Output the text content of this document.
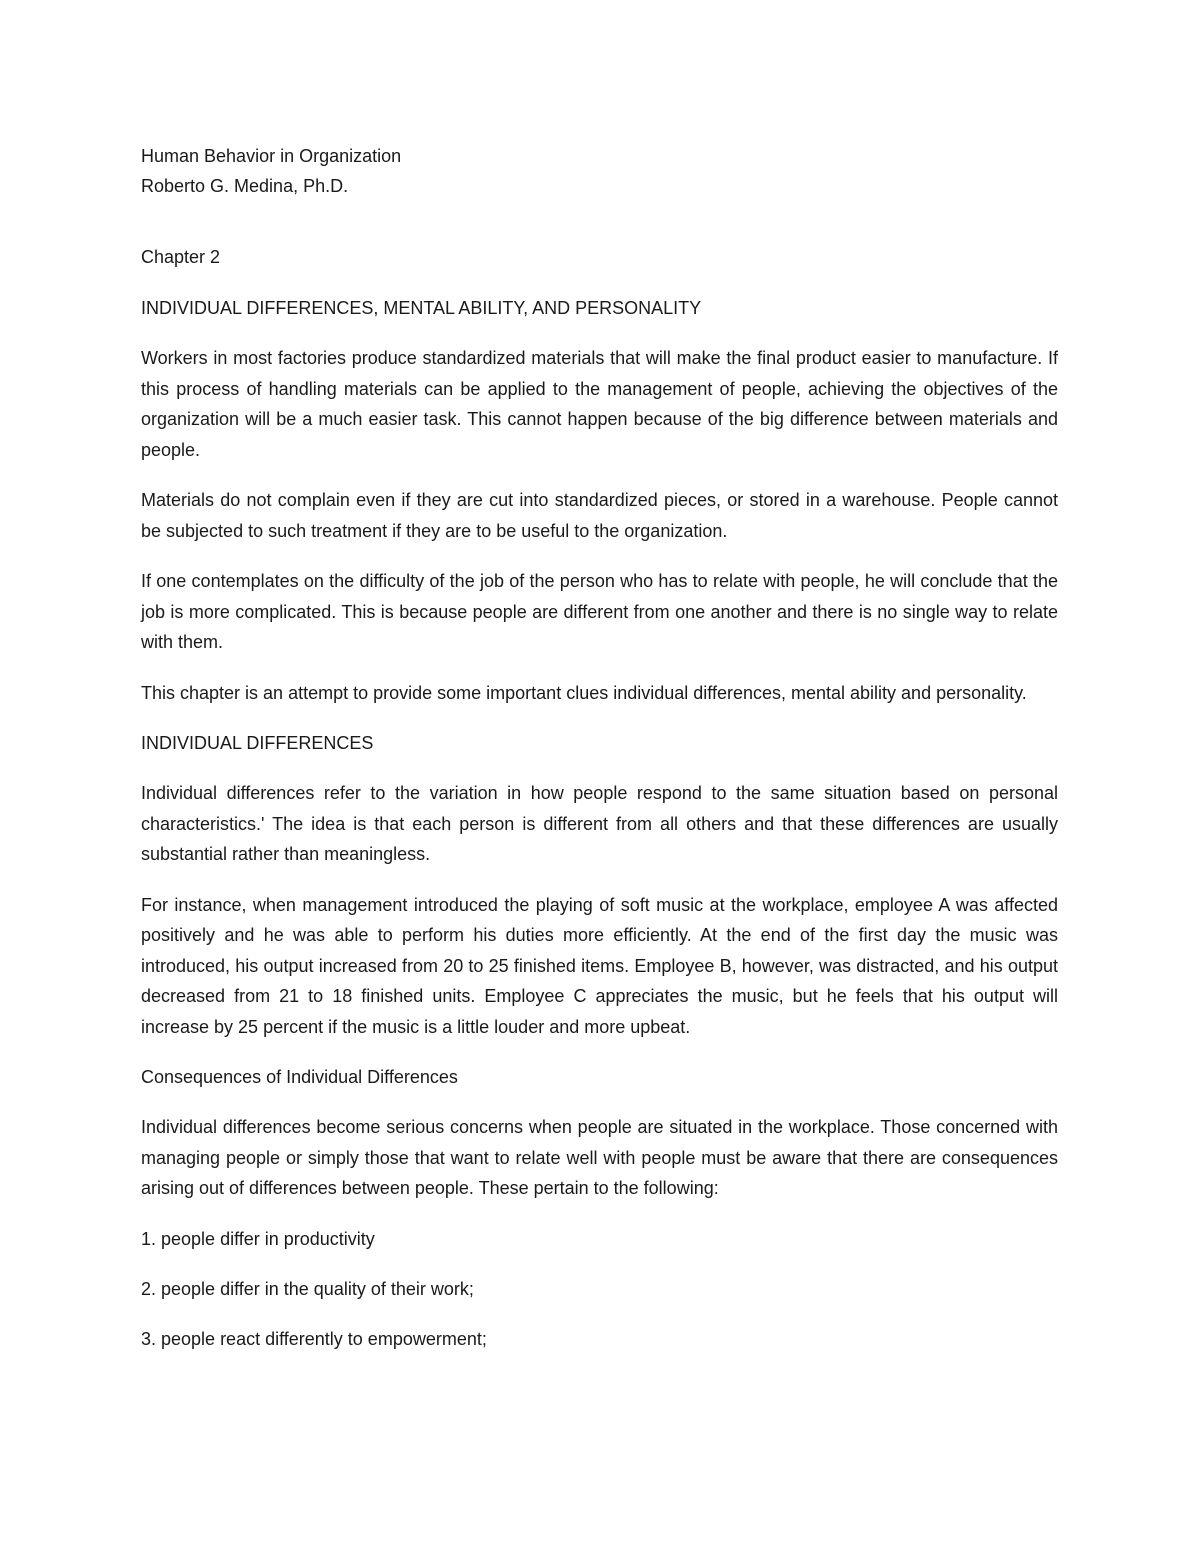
Human Behavior in Organization

Roberto G. Medina, Ph.D.

Chapter 2

INDIVIDUAL DIFFERENCES, MENTAL ABILITY, AND PERSONALITY

Workers in most factories produce standardized materials that will make the final product easier to manufacture. If this process of handling materials can be applied to the management of people, achieving the objectives of the organization will be a much easier task. This cannot happen because of the big difference between materials and people.

Materials do not complain even if they are cut into standardized pieces, or stored in a warehouse. People cannot be subjected to such treatment if they are to be useful to the organization.

If one contemplates on the difficulty of the job of the person who has to relate with people, he will conclude that the job is more complicated. This is because people are different from one another and there is no single way to relate with them.

This chapter is an attempt to provide some important clues individual differences, mental ability and personality.

INDIVIDUAL DIFFERENCES

Individual differences refer to the variation in how people respond to the same situation based on personal characteristics.' The idea is that each person is different from all others and that these differences are usually substantial rather than meaningless.

For instance, when management introduced the playing of soft music at the workplace, employee A was affected positively and he was able to perform his duties more efficiently. At the end of the first day the music was introduced, his output increased from 20 to 25 finished items. Employee B, however, was distracted, and his output decreased from 21 to 18 finished units. Employee C appreciates the music, but he feels that his output will increase by 25 percent if the music is a little louder and more upbeat.

Consequences of Individual Differences

Individual differences become serious concerns when people are situated in the workplace. Those concerned with managing people or simply those that want to relate well with people must be aware that there are consequences arising out of differences between people. These pertain to the following:

1. people differ in productivity

2. people differ in the quality of their work;

3. people react differently to empowerment;
